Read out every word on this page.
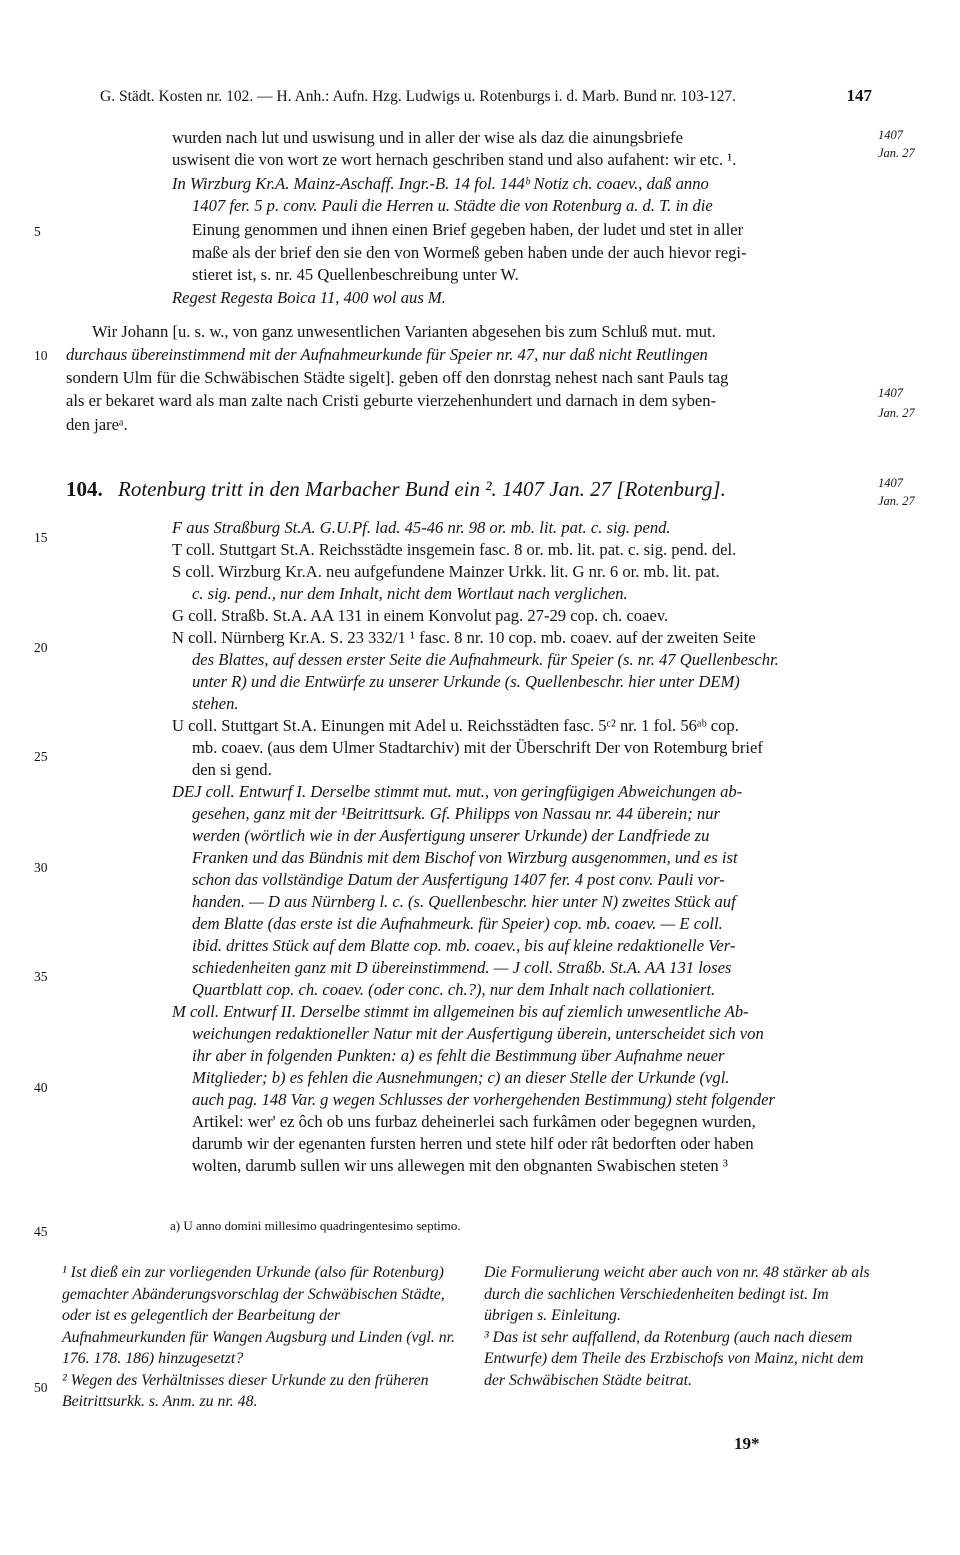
G. Städt. Kosten nr. 102. — H. Anh.: Aufn. Hzg. Ludwigs u. Rotenburgs i. d. Marb. Bund nr. 103-127.	147
1407
Jan. 27
1407
Jan. 27
1407
Jan. 27
5
10
15
20
25
30
35
40
45
50
wurden nach lut und uswisung und in aller der wise als daz die ainungsbriefe
uswisent die von wort ze wort hernach geschriben stand und also aufahent: wir etc. ¹.
In Wirzburg Kr.A. Mainz-Aschaff. Ingr.-B. 14 fol. 144ᵇ Notiz ch. coaev., daß anno
1407 fer. 5 p. conv. Pauli die Herren u. Städte die von Rotenburg a. d. T. in die
Einung genommen und ihnen einen Brief gegeben haben, der ludet und stet in aller
maße als der brief den sie den von Wormeß geben haben unde der auch hievor regi-
stieret ist, s. nr. 45 Quellenbeschreibung unter W.
Regest Regesta Boica 11, 400 wol aus M.
Wir Johann [u. s. w., von ganz unwesentlichen Varianten abgesehen bis zum Schluß mut. mut.
durchaus übereinstimmend mit der Aufnahmeurkunde für Speier nr. 47, nur daß nicht Reutlingen
sondern Ulm für die Schwäbischen Städte sigelt]. geben off den donrstag nehest nach sant Pauls tag
als er bekaret ward als man zalte nach Cristi geburte vierzehenhundert und darnach in dem syben-
den jareᵃ.
104. Rotenburg tritt in den Marbacher Bund ein ². 1407 Jan. 27 [Rotenburg].
F aus Straßburg St.A. G.U.Pf. lad. 45-46 nr. 98 or. mb. lit. pat. c. sig. pend.
T coll. Stuttgart St.A. Reichsstädte insgemein fasc. 8 or. mb. lit. pat. c. sig. pend. del.
S coll. Wirzburg Kr.A. neu aufgefundene Mainzer Urkk. lit. G nr. 6 or. mb. lit. pat.
c. sig. pend., nur dem Inhalt, nicht dem Wortlaut nach verglichen.
G coll. Straßb. St.A. AA 131 in einem Konvolut pag. 27-29 cop. ch. coaev.
N coll. Nürnberg Kr.A. S. 23 332/1 ¹ fasc. 8 nr. 10 cop. mb. coaev. auf der zweiten Seite
des Blattes, auf dessen erster Seite die Aufnahmeurk. für Speier (s. nr. 47 Quellenbeschr.
unter R) und die Entwürfe zu unserer Urkunde (s. Quellenbeschr. hier unter DEM)
stehen.
U coll. Stuttgart St.A. Einungen mit Adel u. Reichsstädten fasc. 5ᶜ² nr. 1 fol. 56ᵃᵇ cop.
mb. coaev. (aus dem Ulmer Stadtarchiv) mit der Überschrift Der von Rotemburg brief
den si gend.
DEJ coll. Entwurf I. Derselbe stimmt mut. mut., von geringfügigen Abweichungen ab-
gesehen, ganz mit der ¹Beitrittsurk. Gf. Philipps von Nassau nr. 44 überein; nur
werden (wörtlich wie in der Ausfertigung unserer Urkunde) der Landfriede zu
Franken und das Bündnis mit dem Bischof von Wirzburg ausgenommen, und es ist
schon das vollständige Datum der Ausfertigung 1407 fer. 4 post conv. Pauli vor-
handen. — D aus Nürnberg l. c. (s. Quellenbeschr. hier unter N) zweites Stück auf
dem Blatte (das erste ist die Aufnahmeurk. für Speier) cop. mb. coaev. — E coll.
ibid. drittes Stück auf dem Blatte cop. mb. coaev., bis auf kleine redaktionelle Ver-
schiedenheiten ganz mit D übereinstimmend. — J coll. Straßb. St.A. AA 131 loses
Quartblatt cop. ch. coaev. (oder conc. ch.?), nur dem Inhalt nach collationiert.
M coll. Entwurf II. Derselbe stimmt im allgemeinen bis auf ziemlich unwesentliche Ab-
weichungen redaktioneller Natur mit der Ausfertigung überein, unterscheidet sich von
ihr aber in folgenden Punkten: a) es fehlt die Bestimmung über Aufnahme neuer
Mitglieder; b) es fehlen die Ausnehmungen; c) an dieser Stelle der Urkunde (vgl.
auch pag. 148 Var. g wegen Schlusses der vorhergehenden Bestimmung) steht folgender
Artikel: wer' ez ôch ob uns furbaz deheinerlei sach furkâmen oder begegnen wurden,
darumb wir der egenanten fursten herren und stete hilf oder rât bedorften oder haben
wolten, darumb sullen wir uns allewegen mit den obgnanten Swabischen steten ³
a) U anno domini millesimo quadringentesimo septimo.

¹ Ist dieß ein zur vorliegenden Urkunde (also für Rotenburg) gemachter Abänderungsvorschlag der Schwäbischen Städte, oder ist es gelegentlich der Bearbeitung der Aufnahmeurkunden für Wangen Augsburg und Linden (vgl. nr. 176. 178. 186) hinzugesetzt?

² Wegen des Verhältnisses dieser Urkunde zu den früheren Beitrittsurkk. s. Anm. zu nr. 48.

Die Formulierung weicht aber auch von nr. 48 stärker ab als durch die sachlichen Verschiedenheiten bedingt ist. Im übrigen s. Einleitung.

³ Das ist sehr auffallend, da Rotenburg (auch nach diesem Entwurfe) dem Theile des Erzbischofs von Mainz, nicht dem der Schwäbischen Städte beitrat.

19*
